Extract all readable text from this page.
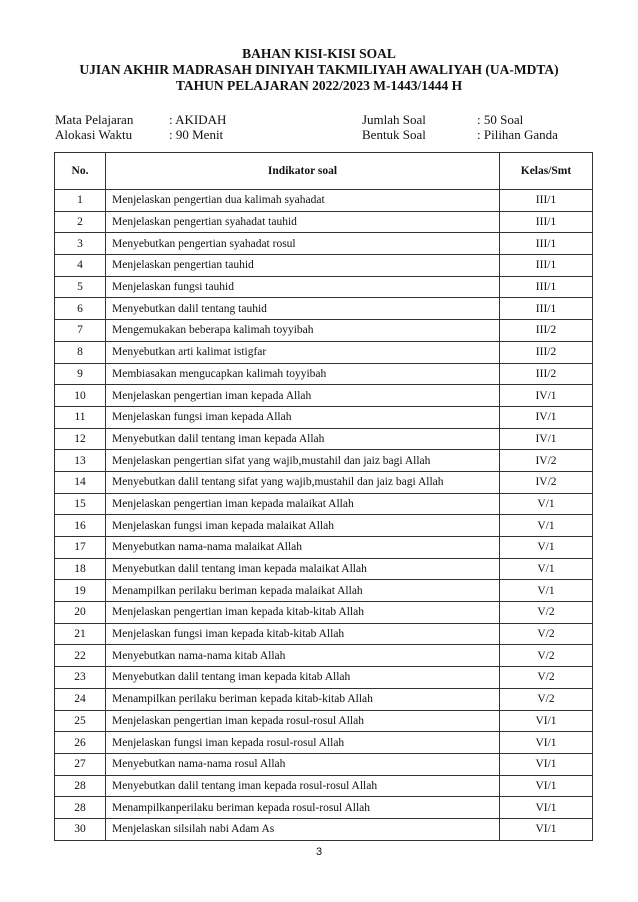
BAHAN KISI-KISI SOAL
UJIAN AKHIR MADRASAH DINIYAH TAKMILIYAH AWALIYAH (UA-MDTA)
TAHUN PELAJARAN 2022/2023 M-1443/1444 H
Mata Pelajaran	: AKIDAH
Alokasi Waktu	: 90 Menit
Jumlah Soal	: 50 Soal
Bentuk Soal	: Pilihan Ganda
No.	Indikator soal	Kelas/Smt
1	Menjelaskan pengertian dua kalimah syahadat	III/1
2	Menjelaskan pengertian syahadat tauhid	III/1
3	Menyebutkan pengertian syahadat rosul	III/1
4	Menjelaskan pengertian tauhid	III/1
5	Menjelaskan fungsi tauhid	III/1
6	Menyebutkan dalil tentang tauhid	III/1
7	Mengemukakan beberapa kalimah toyyibah	III/2
8	Menyebutkan arti kalimat istigfar	III/2
9	Membiasakan mengucapkan kalimah toyyibah	III/2
10	Menjelaskan pengertian iman kepada Allah	IV/1
11	Menjelaskan fungsi iman kepada Allah	IV/1
12	Menyebutkan dalil tentang iman kepada Allah	IV/1
13	Menjelaskan pengertian sifat yang wajib,mustahil dan jaiz bagi Allah	IV/2
14	Menyebutkan dalil tentang sifat yang wajib,mustahil dan jaiz bagi Allah	IV/2
15	Menjelaskan pengertian iman kepada malaikat Allah	V/1
16	Menjelaskan fungsi iman kepada malaikat Allah	V/1
17	Menyebutkan nama-nama malaikat Allah	V/1
18	Menyebutkan dalil tentang iman kepada malaikat Allah	V/1
19	Menampilkan perilaku beriman kepada malaikat Allah	V/1
20	Menjelaskan pengertian iman kepada kitab-kitab Allah	V/2
21	Menjelaskan fungsi iman kepada kitab-kitab Allah	V/2
22	Menyebutkan nama-nama kitab Allah	V/2
23	Menyebutkan dalil tentang iman kepada kitab Allah	V/2
24	Menampilkan perilaku beriman kepada kitab-kitab Allah	V/2
25	Menjelaskan pengertian iman kepada rosul-rosul Allah	VI/1
26	Menjelaskan fungsi iman kepada rosul-rosul Allah	VI/1
27	Menyebutkan nama-nama rosul Allah	VI/1
28	Menyebutkan dalil tentang iman kepada rosul-rosul Allah	VI/1
28	Menampilkanperilaku beriman kepada rosul-rosul Allah	VI/1
30	Menjelaskan silsilah nabi Adam As	VI/1
3
